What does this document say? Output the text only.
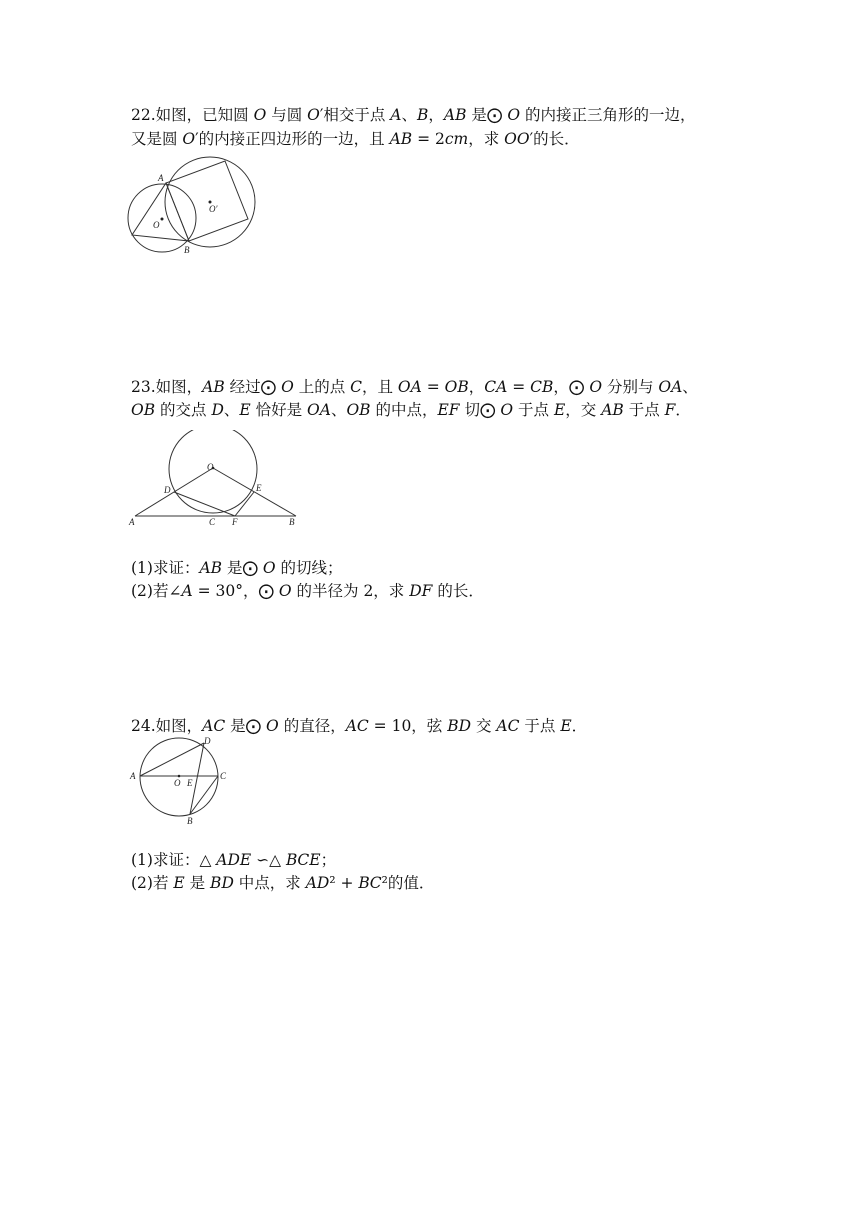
22.如图，已知圆 𝑂 与圆 𝑂′相交于点 𝐴、𝐵，𝐴𝐵 是⨀ 𝑂 的内接正三角形的一边，
又是圆 𝑂′的内接正四边形的一边，且 𝐴𝐵 = 2𝑐𝑚，求 𝑂𝑂′的长．
A
B
O
O′
23.如图，𝐴𝐵 经过⨀ 𝑂 上的点 𝐶，且 𝑂𝐴 = 𝑂𝐵，𝐶𝐴 = 𝐶𝐵，⨀ 𝑂 分别与 𝑂𝐴、
𝑂𝐵 的交点 𝐷、𝐸 恰好是 𝑂𝐴、𝑂𝐵 的中点，𝐸𝐹 切⨀ 𝑂 于点 𝐸，交 𝐴𝐵 于点 𝐹．
O
D	E
A	C F	B
(1)求证：𝐴𝐵 是⨀ 𝑂 的切线；
(2)若∠𝐴 = 30°，⨀ 𝑂 的半径为 2，求 𝐷𝐹 的长．
24.如图，𝐴𝐶 是⨀ 𝑂 的直径，𝐴𝐶 = 10，弦 𝐵𝐷 交 𝐴𝐶 于点 𝐸．
A	C
D
B
O E
(1)求证：△ 𝐴𝐷𝐸 ∽△ 𝐵𝐶𝐸；
(2)若 𝐸 是 𝐵𝐷 中点，求 𝐴𝐷² + 𝐵𝐶²的值．
